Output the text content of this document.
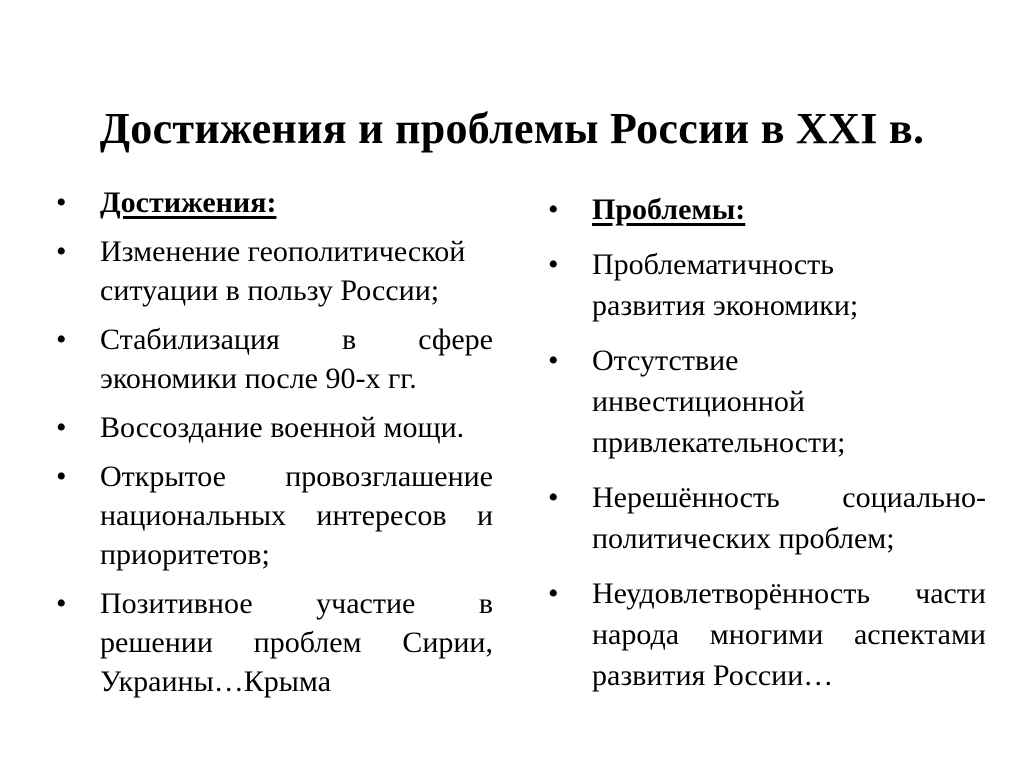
Достижения и проблемы России в XXI в.
•	Достижения:
•	Изменение геополитической ситуации в пользу России;
•	Стабилизация в сфере экономики после 90-х гг.
•	Воссоздание военной мощи.
•	Открытое провозглашение национальных интересов и приоритетов;
•	Позитивное участие в решении проблем Сирии, Украины…Крыма
•	Проблемы:
•	Проблематичность развития экономики;
•	Отсутствие инвестиционной привлекательности;
•	Нерешённость социально-политических проблем;
•	Неудовлетворённость части народа многими аспектами развития России…
